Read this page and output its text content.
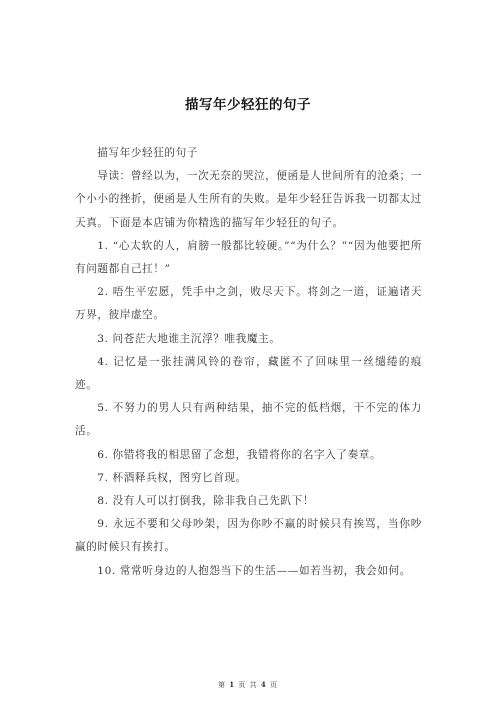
描写年少轻狂的句子

描写年少轻狂的句子

导读：曾经以为，一次无奈的哭泣，便函是人世间所有的沧桑；一个小小的挫折，便函是人生所有的失败。是年少轻狂告诉我一切都太过天真。下面是本店铺为你精选的描写年少轻狂的句子。

1. “心太软的人，肩膀一般都比较硬。”“为什么？”“因为他要把所有问题都自己扛！”

2. 唔生平宏愿，凭手中之剑，败尽天下。将剑之一道，证遍诸天万界，彼岸虚空。

3. 问苍茫大地谁主沉浮？唯我魔主。

4. 记忆是一张挂满风铃的卷帘，藏匿不了回味里一丝缱绻的痕迹。

5. 不努力的男人只有两种结果，抽不完的低档烟，干不完的体力活。

6. 你错将我的相思留了念想，我错将你的名字入了奏章。

7. 杯酒释兵权，图穷匕首现。

8. 没有人可以打倒我，除非我自己先趴下！

9. 永远不要和父母吵架，因为你吵不赢的时候只有挨骂，当你吵赢的时候只有挨打。

10. 常常听身边的人抱怨当下的生活——如若当初，我会如何。

第 1 页 共 4 页
